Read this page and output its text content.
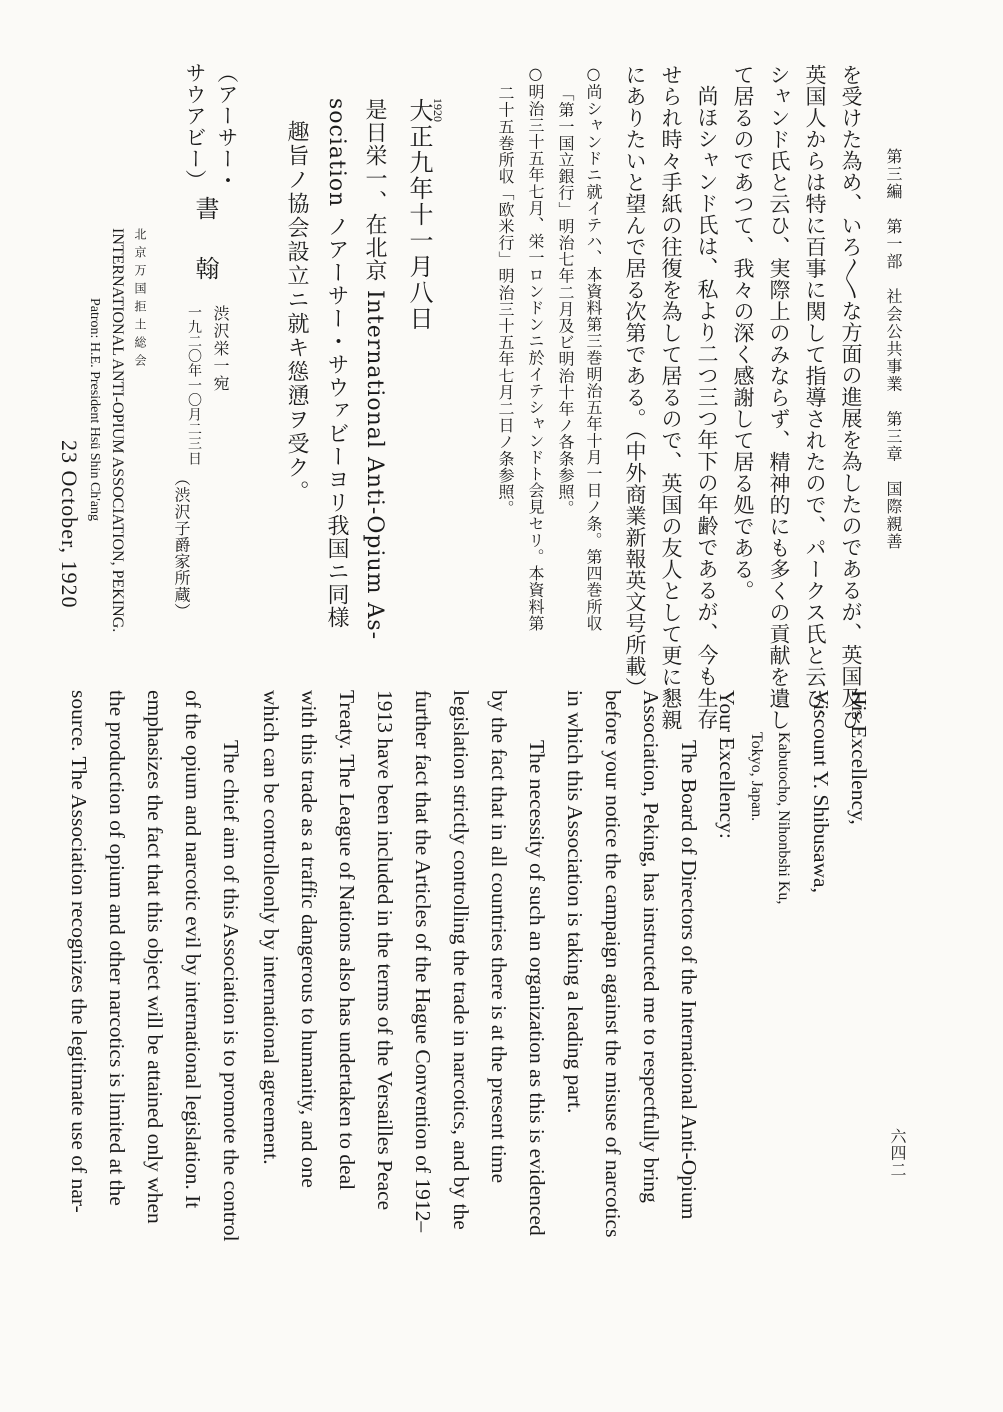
第三編　第一部　社会公共事業　第三章　国際親善
を受けた為め、いろ〳〵な方面の進展を為したのであるが、英国及び
英国人からは特に百事に関して指導されたので、パークス氏と云ひ、
シャンド氏と云ひ、実際上のみならず、精神的にも多くの貢献を遺し
て居るのであつて、我々の深く感謝して居る処である。
尚ほシャンド氏は、私より二つ三つ年下の年齢であるが、今も生存
せられ時々手紙の往復を為して居るので、英国の友人として更に懇親
にありたいと望んで居る次第である。（中外商業新報英文号所載）
○尚シャンドニ就イテハ、本資料第三巻明治五年十月一日ノ条。第四巻所収
「第一国立銀行」明治七年二月及ビ明治十年ノ各条参照。
○明治三十五年七月、栄一ロンドンニ於イテシャンドト会見セリ。本資料第
二十五巻所収「欧米行」明治三十五年七月二日ノ条参照。
1920
大正九年十一月八日
是日栄一、在北京 International Anti-Opium As-
sociation ノアーサー・サウァビーヨリ我国ニ同様
趣旨ノ協会設立ニ就キ慫慂ヲ受ク。
（アーサー・
サウアビー）
書　翰
渋沢栄一宛
一九二〇年一〇月二三日
（渋沢子爵家所蔵）
北京万国拒土総会
INTERNATIONAL ANTI-OPIUM ASSOCIATION, PEKING.
Patron: H.E. President Hsü Shin Ch'ang
23 October, 1920
六四二
His Excellency,
Viscount Y. Shibusawa,
Kabutocho, Nihonbshi Ku,
Tokyo, Japan.
Your Excellency:
The Board of Directors of the International Anti-Opium
Association, Peking, has instructed me to respectfully bring
before your notice the campaign against the misuse of narcotics
in which this Association is taking a leading part.
The necessity of such an organization as this is evidenced
by the fact that in all countries there is at the present time
legislation strictly controlling the trade in narcotics, and by the
further fact that the Articles of the Hague Convention of 1912–
1913 have been included in the terms of the Versailles Peace
Treaty. The League of Nations also has undertaken to deal
with this trade as a traffic dangerous to humanity, and one
which can be controlleonly by international agreement.
The chief aim of this Association is to promote the control
of the opium and narcotic evil by international legislation. It
emphasizes the fact that this object will be attained only when
the production of opium and other narcotics is limited at the
source. The Association recognizes the legitimate use of nar-
